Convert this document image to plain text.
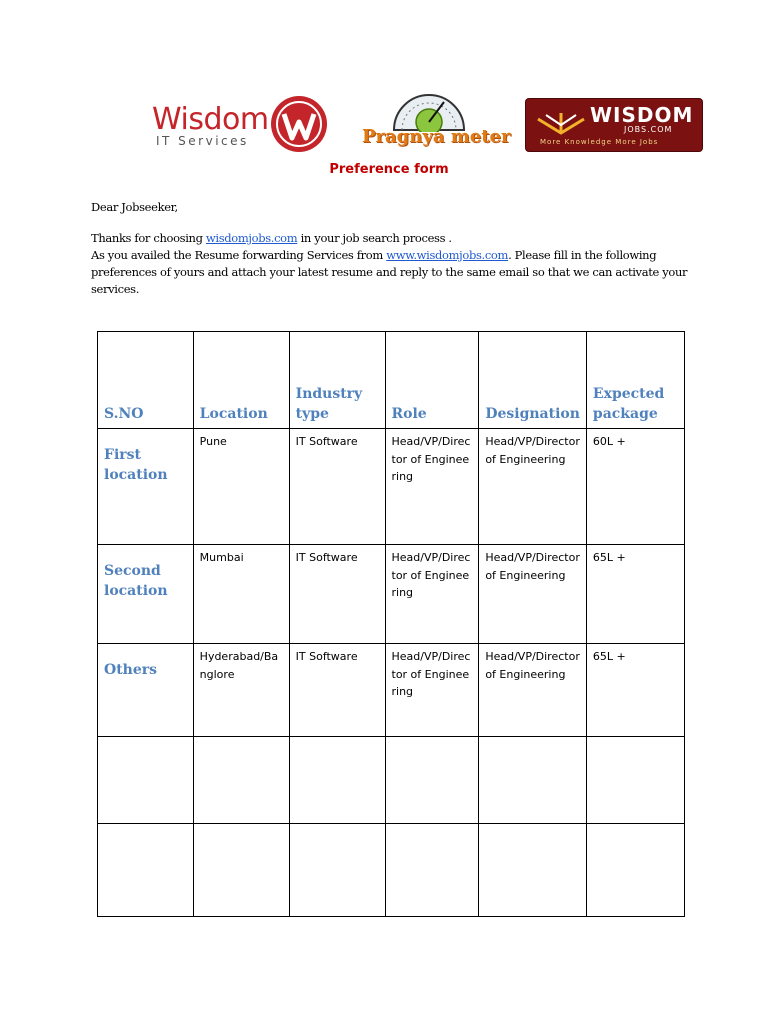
Wisdom
IT Services	Pragnya meter
WISDOM
JOBS.COM
More Knowledge More Jobs
Preference form
Dear Jobseeker,
Thanks for choosing wisdomjobs.com in your job search process .
As you availed the Resume forwarding Services from www.wisdomjobs.com. Please fill in the following preferences of yours and attach your latest resume and reply to the same email so that we can activate your services.
S.NO	Location	Industry type	Role	Designation	Expected package
First location	Pune	IT Software	Head/VP/Director of Engineering	Head/VP/Director of Engineering	60L +
Second location	Mumbai	IT Software	Head/VP/Director of Engineering	Head/VP/Director of Engineering	65L +
Others	Hyderabad/Banglore	IT Software	Head/VP/Director of Engineering	Head/VP/Director of Engineering	65L +
